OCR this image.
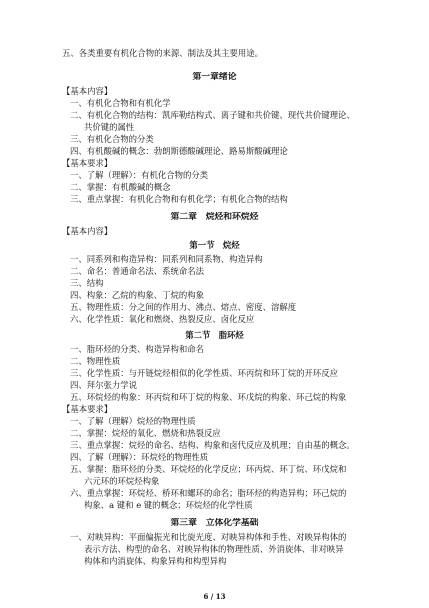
五、各类重要有机化合物的来源、制法及其主要用途。
第一章绪论
【基本内容】
一、有机化合物和有机化学
二、有机化合物的结构：凯库勒结构式、离子键和共价键、现代共价键理论、
共价键的属性
三、有机化合物的分类
四、有机酸碱的概念：勃朗斯德酸碱理论、路易斯酸碱理论
【基本要求】
一、了解（理解）：有机化合物的分类
二、掌握：有机酸碱的概念
三、重点掌握：有机化合物和有机化学；有机化合物的结构
第二章　烷烃和环烷烃
【基本内容】
第一节　烷烃
一、同系列和构造异构：同系列和同系物、构造异构
二、命名：普通命名法、系统命名法
三、结构
四、构象：乙烷的构象、丁烷的构象
五、物理性质：分之间的作用力、沸点、熔点、密度、溶解度
六、化学性质：氧化和燃烧、热裂反应、卤化反应
第二节　脂环烃
一、脂环烃的分类、构造异构和命名
二、物理性质
三、化学性质：与开链烷烃相似的化学性质、环丙烷和环丁烷的开环反应
四、拜尔张力学说
五、环烷烃的构象：环丙烷和环丁烷的构象、环戊烷的构象、环己烷的构象
【基本要求】
一、了解（理解）烷烃的物理性质
二、掌握：烷烃的氧化、燃烧和热裂反应
三、重点掌握：烷烃的命名、结构、构象和卤代反应及机理；自由基的概念。
四、了解（理解）：环烷烃的物理性质
五、掌握：脂环烃的分类、环烷烃的化学反应；环丙烷、环丁烷、环戊烷和
六元环的环烷烃构象
六、重点掌握：环烷烃、桥环和螺环的命名；脂环烃的构造异构；环己烷的
构象、a 键和 e 键的概念；环烷烃的化学性质
第三章　立体化学基础
一、对映异构：平面偏振光和比旋光度、对映异构体和手性、对映异构体的
表示方法、构型的命名、对映异构体的物理性质、外消旋体、非对映异
构体和内消旋体、构象异构和构型异构
6 / 13
